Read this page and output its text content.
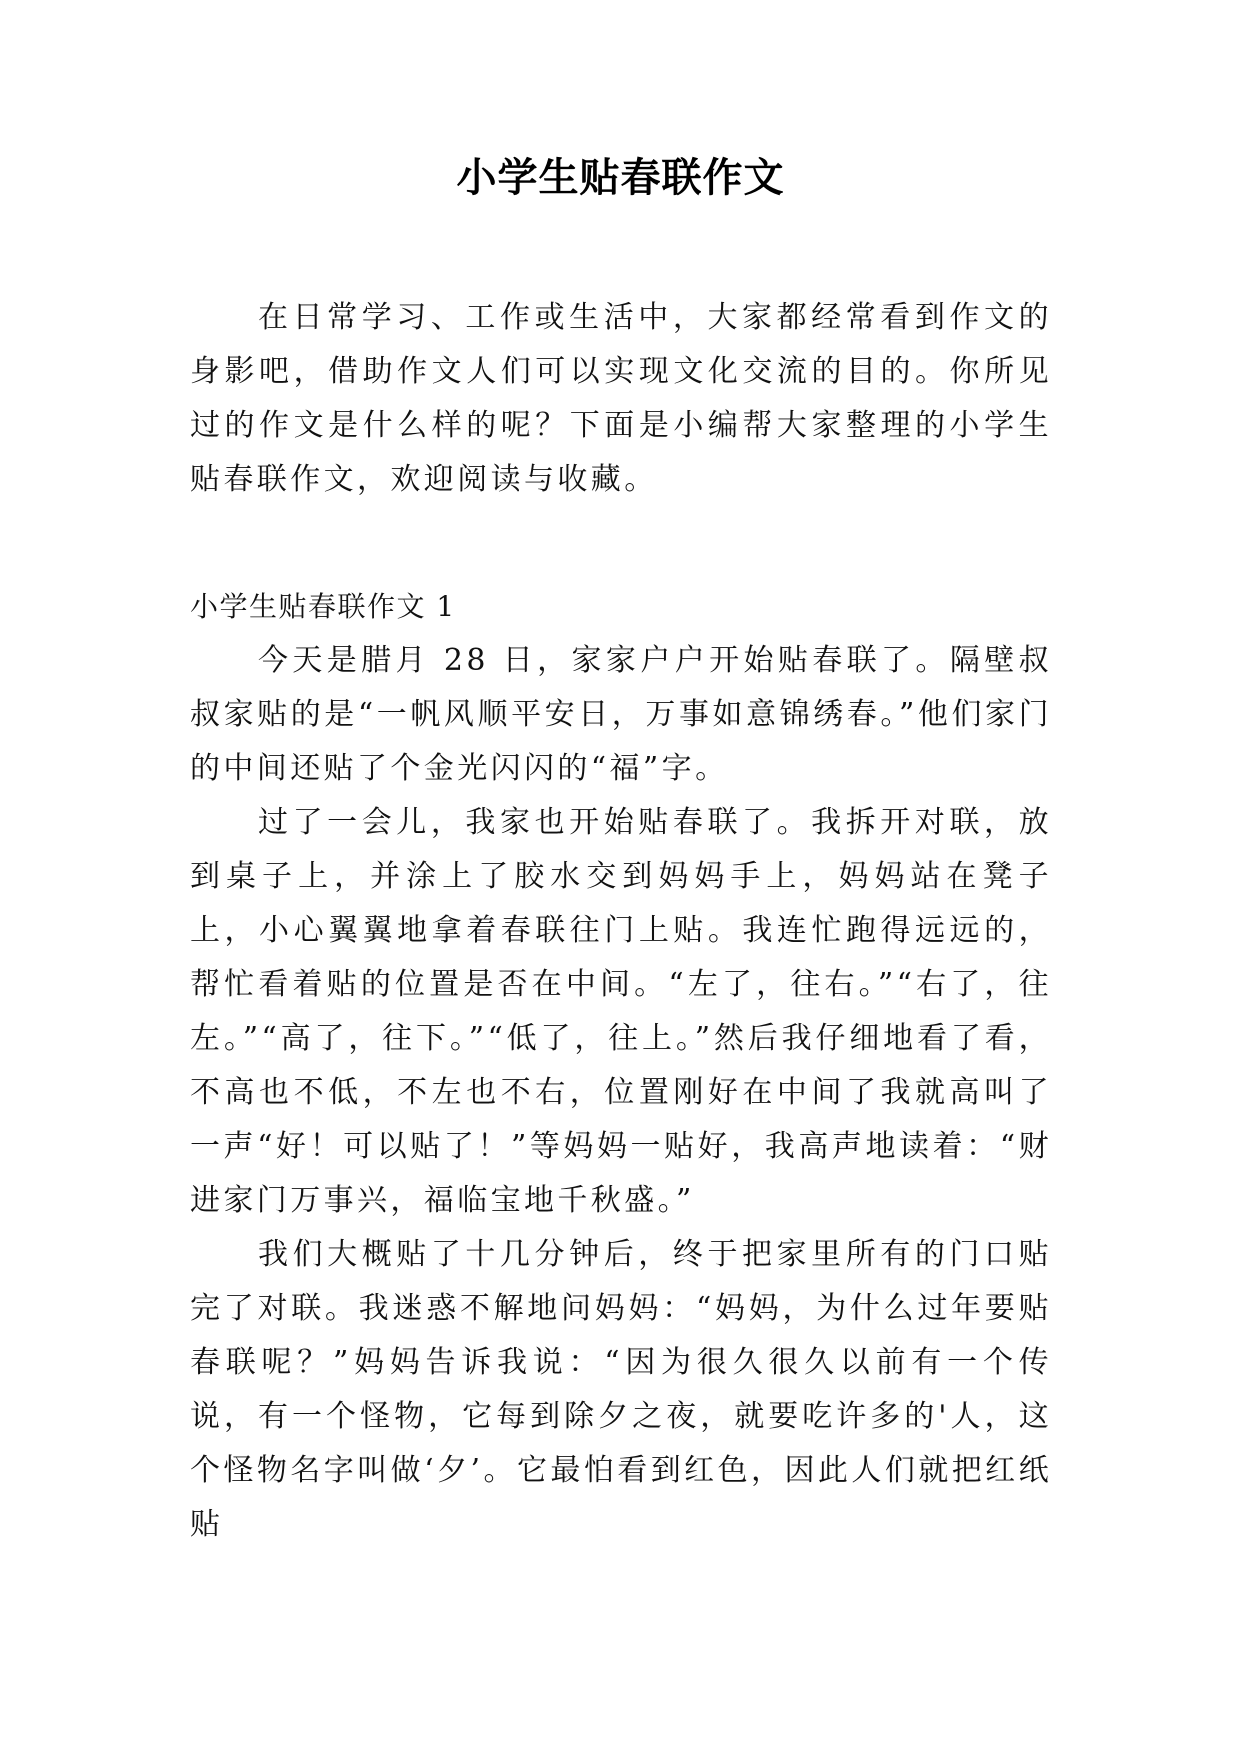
小学生贴春联作文

在日常学习、工作或生活中，大家都经常看到作文的身影吧，借助作文人们可以实现文化交流的目的。你所见过的作文是什么样的呢？下面是小编帮大家整理的小学生贴春联作文，欢迎阅读与收藏。

小学生贴春联作文 1

今天是腊月 28 日，家家户户开始贴春联了。隔壁叔叔家贴的是“一帆风顺平安日，万事如意锦绣春。”他们家门的中间还贴了个金光闪闪的“福”字。

过了一会儿，我家也开始贴春联了。我拆开对联，放到桌子上，并涂上了胶水交到妈妈手上，妈妈站在凳子上，小心翼翼地拿着春联往门上贴。我连忙跑得远远的，帮忙看着贴的位置是否在中间。“左了，往右。”“右了，往左。”“高了，往下。”“低了，往上。”然后我仔细地看了看，不高也不低，不左也不右，位置刚好在中间了我就高叫了一声“好！可以贴了！”等妈妈一贴好，我高声地读着：“财进家门万事兴，福临宝地千秋盛。”

我们大概贴了十几分钟后，终于把家里所有的门口贴完了对联。我迷惑不解地问妈妈：“妈妈，为什么过年要贴春联呢？”妈妈告诉我说：“因为很久很久以前有一个传说，有一个怪物，它每到除夕之夜，就要吃许多的'人，这个怪物名字叫做‘夕’。它最怕看到红色，因此人们就把红纸贴
